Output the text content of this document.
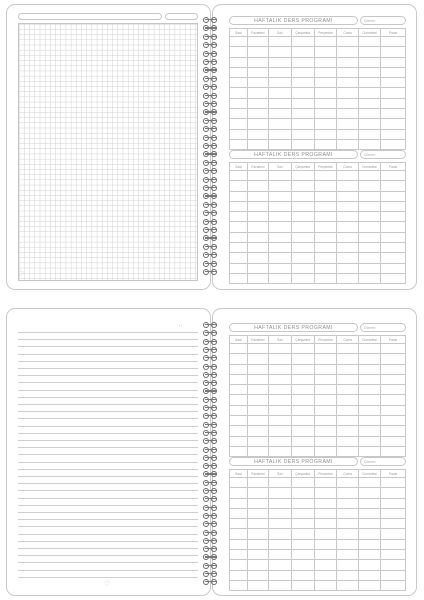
♡
/ /
♡
HAFTALIK DERS PROGRAMI	Dönem:
Saat	Pazartesi	Salı	Çarşamba	Perşembe	Cuma	Cumartesi	Pazar

HAFTALIK DERS PROGRAMI	Dönem:
Saat	Pazartesi	Salı	Çarşamba	Perşembe	Cuma	Cumartesi	Pazar

HAFTALIK DERS PROGRAMI	Dönem:
Saat	Pazartesi	Salı	Çarşamba	Perşembe	Cuma	Cumartesi	Pazar

HAFTALIK DERS PROGRAMI	Dönem:
Saat	Pazartesi	Salı	Çarşamba	Perşembe	Cuma	Cumartesi	Pazar
